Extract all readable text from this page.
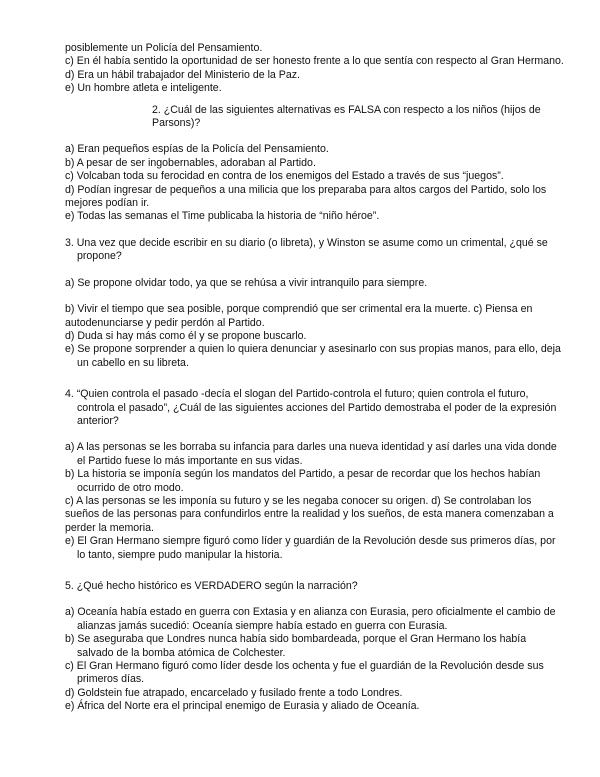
posiblemente un Policía del Pensamiento.

c) En él había sentido la oportunidad de ser honesto frente a lo que sentía con respecto al Gran Hermano.

d) Era un hábil trabajador del Ministerio de la Paz.

e) Un hombre atleta e inteligente.

2. ¿Cuál de las siguientes alternativas es FALSA con respecto a los niños (hijos de Parsons)?

a) Eran pequeños espías de la Policía del Pensamiento.

b) A pesar de ser ingobernables, adoraban al Partido.

c) Volcaban toda su ferocidad en contra de los enemigos del Estado a través de sus “juegos”.

d) Podían ingresar de pequeños a una milicia que los preparaba para altos cargos del Partido, solo los mejores podían ir.

e) Todas las semanas el Time publicaba la historia de “niño héroe”.

3. Una vez que decide escribir en su diario (o libreta), y Winston se asume como un crimental, ¿qué se propone?

a) Se propone olvidar todo, ya que se rehúsa a vivir intranquilo para siempre.

b) Vivir el tiempo que sea posible, porque comprendió que ser crimental era la muerte. c) Piensa en autodenunciarse y pedir perdón al Partido.

d) Duda si hay más como él y se propone buscarlo.

e) Se propone sorprender a quien lo quiera denunciar y asesinarlo con sus propias manos, para ello, deja un cabello en su libreta.

4. “Quien controla el pasado -decía el slogan del Partido-controla el futuro; quien controla el futuro, controla el pasado”, ¿Cuál de las siguientes acciones del Partido demostraba el poder de la expresión anterior?

a) A las personas se les borraba su infancia para darles una nueva identidad y así darles una vida donde el Partido fuese lo más importante en sus vidas.

b) La historia se imponía según los mandatos del Partido, a pesar de recordar que los hechos habían ocurrido de otro modo.

c) A las personas se les imponía su futuro y se les negaba conocer su origen. d) Se controlaban los sueños de las personas para confundirlos entre la realidad y los sueños, de esta manera comenzaban a perder la memoria.

e) El Gran Hermano siempre figuró como líder y guardián de la Revolución desde sus primeros días, por lo tanto, siempre pudo manipular la historia.

5. ¿Qué hecho histórico es VERDADERO según la narración?

a) Oceanía había estado en guerra con Extasia y en alianza con Eurasia, pero oficialmente el cambio de alianzas jamás sucedió: Oceanía siempre había estado en guerra con Eurasia.

b) Se aseguraba que Londres nunca había sido bombardeada, porque el Gran Hermano los había salvado de la bomba atómica de Colchester.

c) El Gran Hermano figuró como líder desde los ochenta y fue el guardián de la Revolución desde sus primeros días.

d) Goldstein fue atrapado, encarcelado y fusilado frente a todo Londres.

e) África del Norte era el principal enemigo de Eurasia y aliado de Oceanía.
